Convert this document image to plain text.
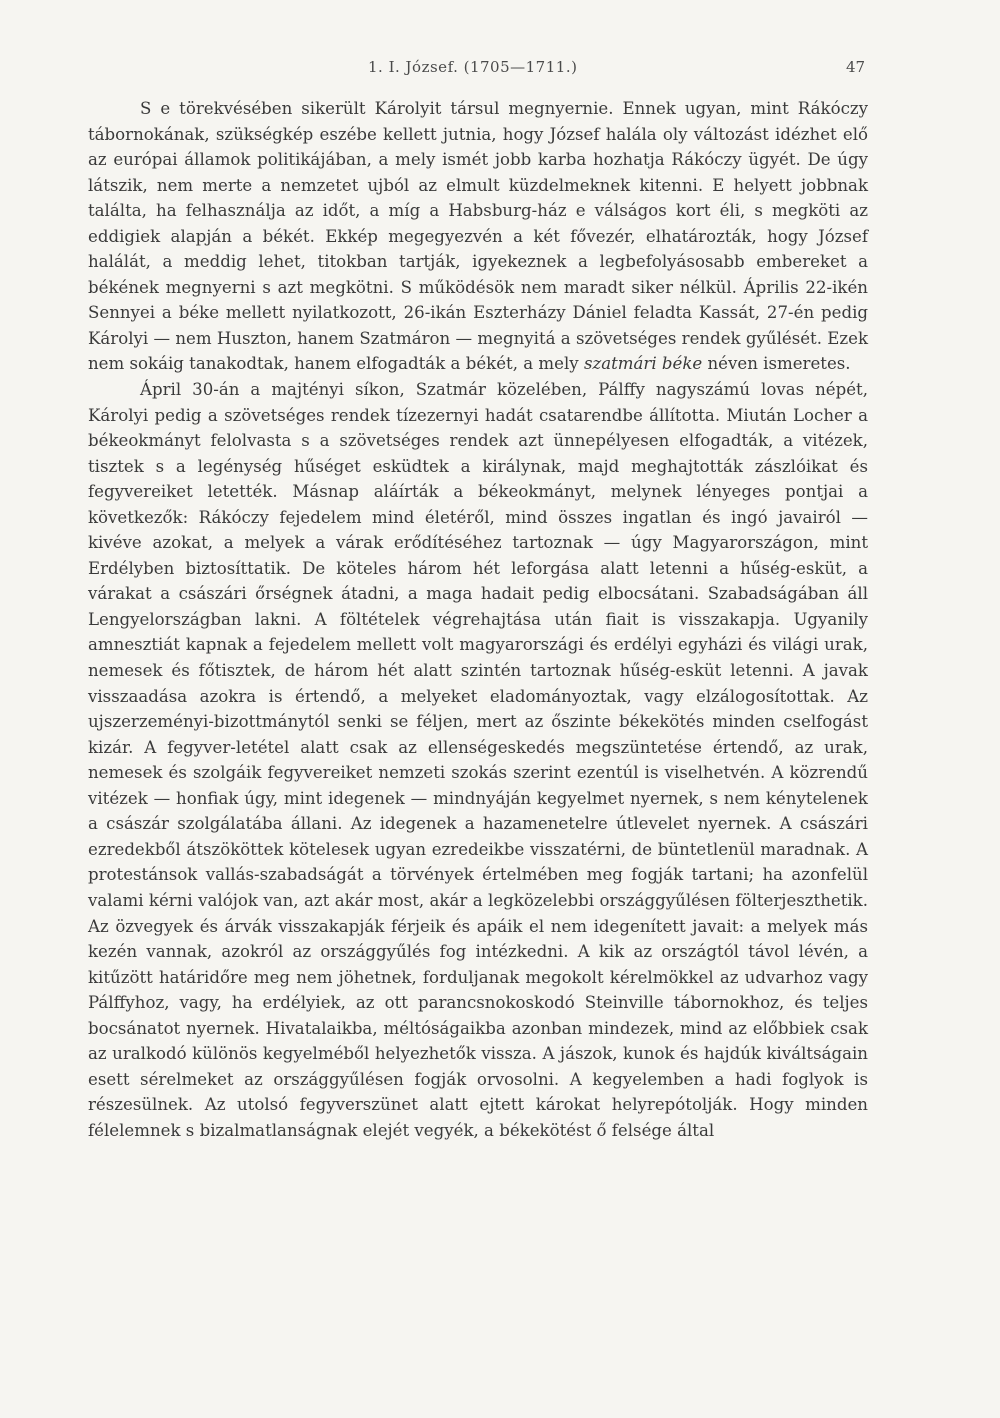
1. I. József. (1705—1711.)	47

S e törekvésében sikerült Károlyit társul megnyernie. Ennek ugyan, mint Rákóczy tábornokának, szükségkép eszébe kellett jutnia, hogy József halála oly változást idézhet elő az európai államok politikájában, a mely ismét jobb karba hozhatja Rákóczy ügyét. De úgy látszik, nem merte a nemzetet ujból az elmult küzdelmeknek kitenni. E helyett jobbnak találta, ha felhasználja az időt, a míg a Habsburg-ház e válságos kort éli, s megköti az eddigiek alapján a békét. Ekkép megegyezvén a két fővezér, elhatározták, hogy József halálát, a meddig lehet, titokban tartják, igyekeznek a legbefolyásosabb embereket a békének megnyerni s azt megkötni. S működésök nem maradt siker nélkül. Április 22-ikén Sennyei a béke mellett nyilatkozott, 26-ikán Eszterházy Dániel feladta Kassát, 27-én pedig Károlyi — nem Huszton, hanem Szatmáron — megnyitá a szövetséges rendek gyűlését. Ezek nem sokáig tanakodtak, hanem elfogadták a békét, a mely szatmári béke néven ismeretes.

Ápril 30-án a majtényi síkon, Szatmár közelében, Pálffy nagyszámú lovas népét, Károlyi pedig a szövetséges rendek tízezernyi hadát csatarendbe állította. Miután Locher a békeokmányt felolvasta s a szövetséges rendek azt ünnepélyesen elfogadták, a vitézek, tisztek s a legénység hűséget esküdtek a királynak, majd meghajtották zászlóikat és fegyvereiket letették. Másnap aláírták a békeokmányt, melynek lényeges pontjai a következők: Rákóczy fejedelem mind életéről, mind összes ingatlan és ingó javairól — kivéve azokat, a melyek a várak erődítéséhez tartoznak — úgy Magyarországon, mint Erdélyben biztosíttatik. De köteles három hét leforgása alatt letenni a hűség-esküt, a várakat a császári őrségnek átadni, a maga hadait pedig elbocsátani. Szabadságában áll Lengyelországban lakni. A föltételek végrehajtása után fiait is visszakapja. Ugyanily amnesztiát kapnak a fejedelem mellett volt magyarországi és erdélyi egyházi és világi urak, nemesek és főtisztek, de három hét alatt szintén tartoznak hűség-esküt letenni. A javak visszaadása azokra is értendő, a melyeket eladományoztak, vagy elzálogosítottak. Az ujszerzeményi-bizottmánytól senki se féljen, mert az őszinte békekötés minden cselfogást kizár. A fegyver-letétel alatt csak az ellenségeskedés megszüntetése értendő, az urak, nemesek és szolgáik fegyvereiket nemzeti szokás szerint ezentúl is viselhetvén. A közrendű vitézek — honfiak úgy, mint idegenek — mindnyáján kegyelmet nyernek, s nem kénytelenek a császár szolgálatába állani. Az idegenek a hazamenetelre útlevelet nyernek. A császári ezredekből átszököttek kötelesek ugyan ezredeikbe visszatérni, de büntetlenül maradnak. A protestánsok vallás-szabadságát a törvények értelmében meg fogják tartani; ha azonfelül valami kérni valójok van, azt akár most, akár a legközelebbi országgyűlésen fölterjeszthetik. Az özvegyek és árvák visszakapják férjeik és apáik el nem idegenített javait: a melyek más kezén vannak, azokról az országgyűlés fog intézkedni. A kik az országtól távol lévén, a kitűzött határidőre meg nem jöhetnek, forduljanak megokolt kérelmökkel az udvarhoz vagy Pálffyhoz, vagy, ha erdélyiek, az ott parancsnokoskodó Steinville tábornokhoz, és teljes bocsánatot nyernek. Hivatalaikba, méltóságaikba azonban mindezek, mind az előbbiek csak az uralkodó különös kegyelméből helyezhetők vissza. A jászok, kunok és hajdúk kiváltságain esett sérelmeket az országgyűlésen fogják orvosolni. A kegyelemben a hadi foglyok is részesülnek. Az utolsó fegyverszünet alatt ejtett károkat helyrepótolják. Hogy minden félelemnek s bizalmatlanságnak elejét vegyék, a békekötést ő felsége által
